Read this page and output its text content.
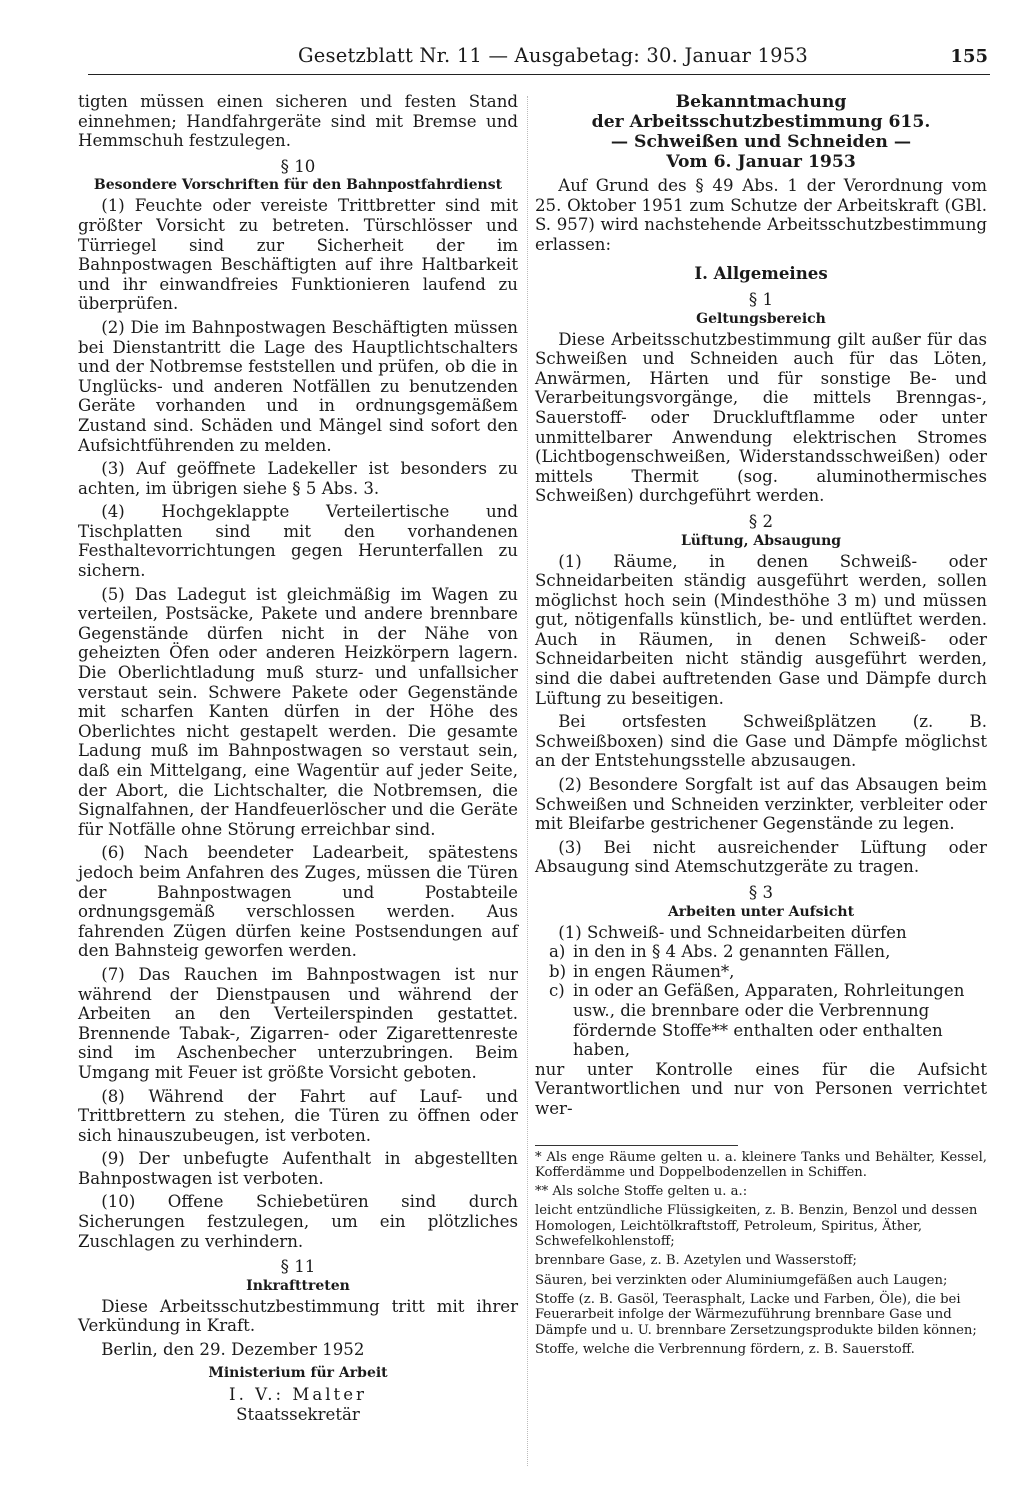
Gesetzblatt Nr. 11 — Ausgabetag: 30. Januar 1953	155

tigten müssen einen sicheren und festen Stand einnehmen; Handfahrgeräte sind mit Bremse und Hemmschuh festzulegen.

§ 10

Besondere Vorschriften für den Bahnpostfahrdienst

(1) Feuchte oder vereiste Trittbretter sind mit größter Vorsicht zu betreten. Türschlösser und Türriegel sind zur Sicherheit der im Bahnpostwagen Beschäftigten auf ihre Haltbarkeit und ihr einwandfreies Funktionieren laufend zu überprüfen.

(2) Die im Bahnpostwagen Beschäftigten müssen bei Dienstantritt die Lage des Hauptlichtschalters und der Notbremse feststellen und prüfen, ob die in Unglücks- und anderen Notfällen zu benutzenden Geräte vorhanden und in ordnungsgemäßem Zustand sind. Schäden und Mängel sind sofort den Aufsichtführenden zu melden.

(3) Auf geöffnete Ladekeller ist besonders zu achten, im übrigen siehe § 5 Abs. 3.

(4) Hochgeklappte Verteilertische und Tischplatten sind mit den vorhandenen Festhaltevorrichtungen gegen Herunterfallen zu sichern.

(5) Das Ladegut ist gleichmäßig im Wagen zu verteilen, Postsäcke, Pakete und andere brennbare Gegenstände dürfen nicht in der Nähe von geheizten Öfen oder anderen Heizkörpern lagern. Die Oberlichtladung muß sturz- und unfallsicher verstaut sein. Schwere Pakete oder Gegenstände mit scharfen Kanten dürfen in der Höhe des Oberlichtes nicht gestapelt werden. Die gesamte Ladung muß im Bahnpostwagen so verstaut sein, daß ein Mittelgang, eine Wagentür auf jeder Seite, der Abort, die Lichtschalter, die Notbremsen, die Signalfahnen, der Handfeuerlöscher und die Geräte für Notfälle ohne Störung erreichbar sind.

(6) Nach beendeter Ladearbeit, spätestens jedoch beim Anfahren des Zuges, müssen die Türen der Bahnpostwagen und Postabteile ordnungsgemäß verschlossen werden. Aus fahrenden Zügen dürfen keine Postsendungen auf den Bahnsteig geworfen werden.

(7) Das Rauchen im Bahnpostwagen ist nur während der Dienstpausen und während der Arbeiten an den Verteilerspinden gestattet. Brennende Tabak-, Zigarren- oder Zigarettenreste sind im Aschenbecher unterzubringen. Beim Umgang mit Feuer ist größte Vorsicht geboten.

(8) Während der Fahrt auf Lauf- und Trittbrettern zu stehen, die Türen zu öffnen oder sich hinauszubeugen, ist verboten.

(9) Der unbefugte Aufenthalt in abgestellten Bahnpostwagen ist verboten.

(10) Offene Schiebetüren sind durch Sicherungen festzulegen, um ein plötzliches Zuschlagen zu verhindern.

§ 11

Inkrafttreten

Diese Arbeitsschutzbestimmung tritt mit ihrer Verkündung in Kraft.

Berlin, den 29. Dezember 1952

Ministerium für Arbeit

I. V.: Malter

Staatssekretär

Bekanntmachung

der Arbeitsschutzbestimmung 615.

— Schweißen und Schneiden —

Vom 6. Januar 1953

Auf Grund des § 49 Abs. 1 der Verordnung vom 25. Oktober 1951 zum Schutze der Arbeitskraft (GBl. S. 957) wird nachstehende Arbeitsschutzbestimmung erlassen:

I. Allgemeines

§ 1

Geltungsbereich

Diese Arbeitsschutzbestimmung gilt außer für das Schweißen und Schneiden auch für das Löten, Anwärmen, Härten und für sonstige Be- und Verarbeitungsvorgänge, die mittels Brenngas-, Sauerstoff- oder Druckluftflamme oder unter unmittelbarer Anwendung elektrischen Stromes (Lichtbogenschweißen, Widerstandsschweißen) oder mittels Thermit (sog. aluminothermisches Schweißen) durchgeführt werden.

§ 2

Lüftung, Absaugung

(1) Räume, in denen Schweiß- oder Schneidarbeiten ständig ausgeführt werden, sollen möglichst hoch sein (Mindesthöhe 3 m) und müssen gut, nötigenfalls künstlich, be- und entlüftet werden. Auch in Räumen, in denen Schweiß- oder Schneidarbeiten nicht ständig ausgeführt werden, sind die dabei auftretenden Gase und Dämpfe durch Lüftung zu beseitigen.

Bei ortsfesten Schweißplätzen (z. B. Schweißboxen) sind die Gase und Dämpfe möglichst an der Entstehungsstelle abzusaugen.

(2) Besondere Sorgfalt ist auf das Absaugen beim Schweißen und Schneiden verzinkter, verbleiter oder mit Bleifarbe gestrichener Gegenstände zu legen.

(3) Bei nicht ausreichender Lüftung oder Absaugung sind Atemschutzgeräte zu tragen.

§ 3

Arbeiten unter Aufsicht

(1) Schweiß- und Schneidarbeiten dürfen

a) in den in § 4 Abs. 2 genannten Fällen,

b) in engen Räumen*,

c) in oder an Gefäßen, Apparaten, Rohrleitungen usw., die brennbare oder die Verbrennung fördernde Stoffe** enthalten oder enthalten haben,

nur unter Kontrolle eines für die Aufsicht Verantwortlichen und nur von Personen verrichtet wer-

* Als enge Räume gelten u. a. kleinere Tanks und Behälter, Kessel, Kofferdämme und Doppelbodenzellen in Schiffen.

** Als solche Stoffe gelten u. a.:

leicht entzündliche Flüssigkeiten, z. B. Benzin, Benzol und dessen Homologen, Leichtölkraftstoff, Petroleum, Spiritus, Äther, Schwefelkohlenstoff;

brennbare Gase, z. B. Azetylen und Wasserstoff;

Säuren, bei verzinkten oder Aluminiumgefäßen auch Laugen;

Stoffe (z. B. Gasöl, Teerasphalt, Lacke und Farben, Öle), die bei Feuerarbeit infolge der Wärmezuführung brennbare Gase und Dämpfe und u. U. brennbare Zersetzungsprodukte bilden können;

Stoffe, welche die Verbrennung fördern, z. B. Sauerstoff.
